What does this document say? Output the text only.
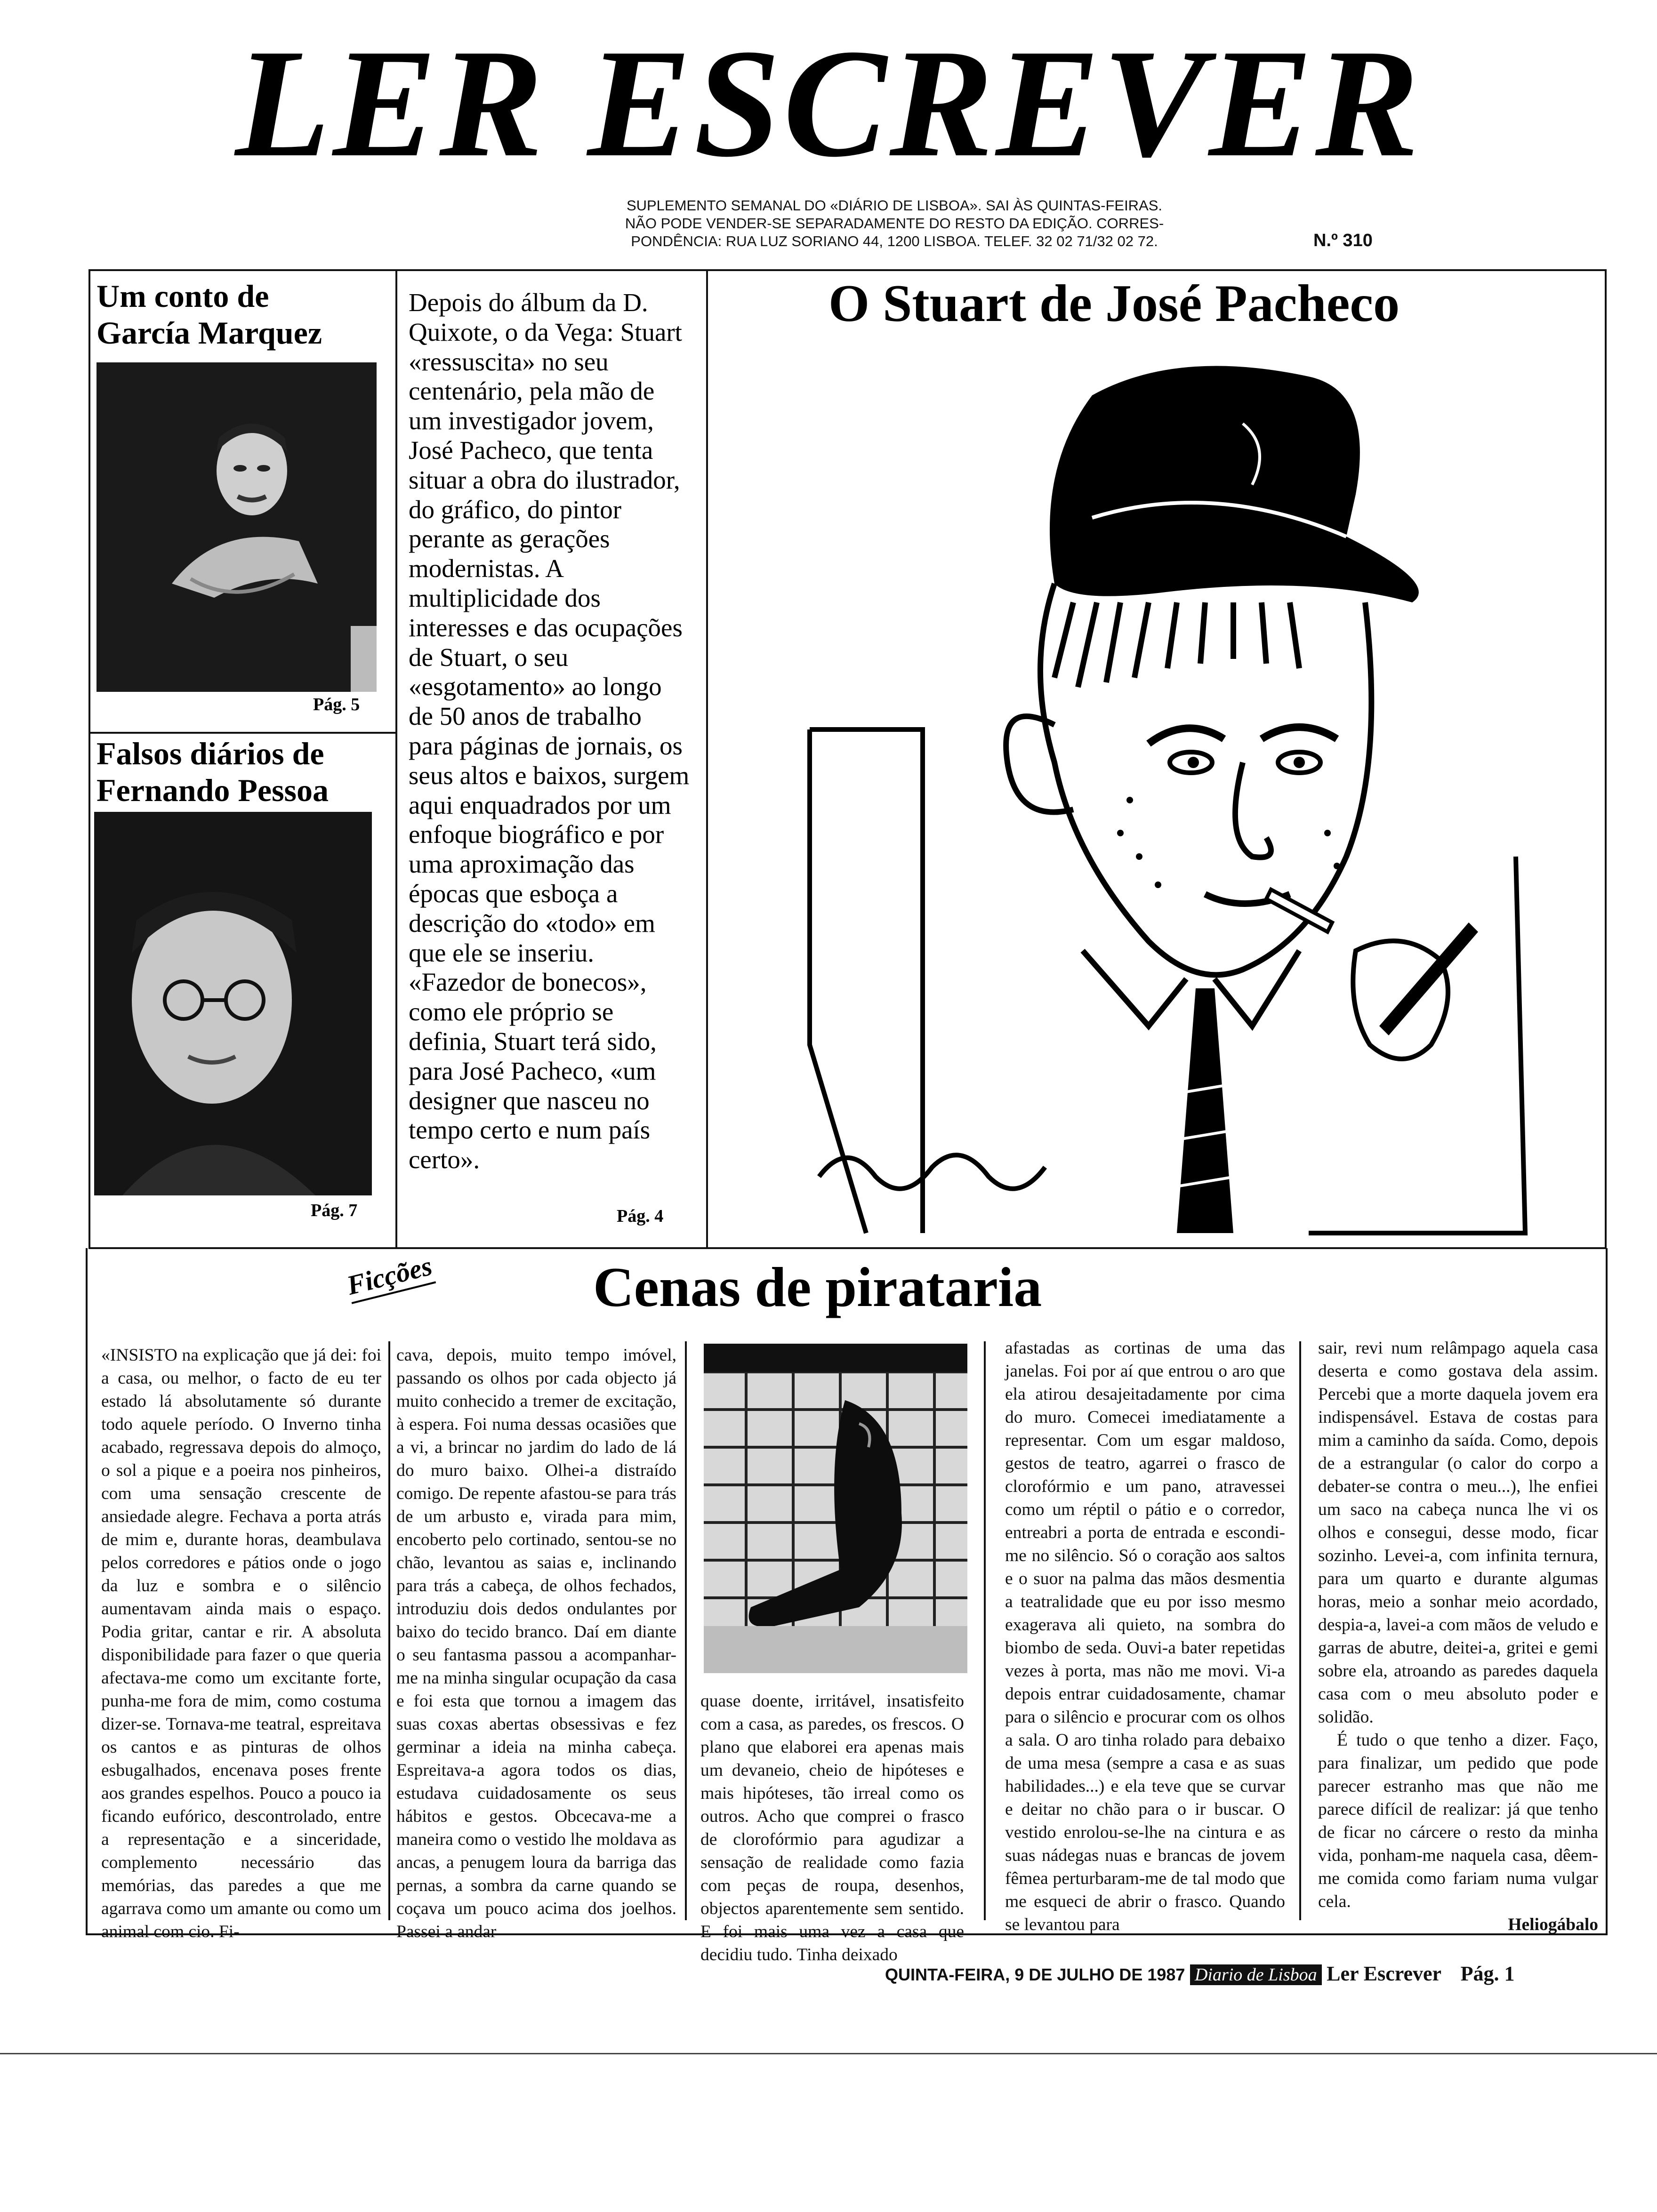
LER ESCREVER
SUPLEMENTO SEMANAL DO «DIÁRIO DE LISBOA». SAI ÀS QUINTAS-FEIRAS.
NÃO PODE VENDER-SE SEPARADAMENTE DO RESTO DA EDIÇÃO. CORRES-
PONDÊNCIA: RUA LUZ SORIANO 44, 1200 LISBOA. TELEF. 32 02 71/32 02 72.	N.º 310
Um conto de
García Marquez
Pág. 5
Falsos diários de
Fernando Pessoa
Pág. 7
Depois do álbum da D. Quixote, o da Vega: Stuart «ressuscita» no seu centenário, pela mão de um investigador jovem, José Pacheco, que tenta situar a obra do ilustrador, do gráfico, do pintor perante as gerações modernistas. A multiplicidade dos interesses e das ocupações de Stuart, o seu «esgotamento» ao longo de 50 anos de trabalho para páginas de jornais, os seus altos e baixos, surgem aqui enquadrados por um enfoque biográfico e por uma aproximação das épocas que esboça a descrição do «todo» em que ele se inseriu. «Fazedor de bonecos», como ele próprio se definia, Stuart terá sido, para José Pacheco, «um designer que nasceu no tempo certo e num país certo».
Pág. 4
O Stuart de José Pacheco
Ficções	Cenas de pirataria

«INSISTO na explicação que já dei: foi a casa, ou melhor, o facto de eu ter estado lá absolutamente só durante todo aquele período. O Inverno tinha acabado, regressava depois do almoço, o sol a pique e a poeira nos pinheiros, com uma sensação crescente de ansiedade alegre. Fechava a porta atrás de mim e, durante horas, deambulava pelos corredores e pátios onde o jogo da luz e sombra e o silêncio aumentavam ainda mais o espaço. Podia gritar, cantar e rir. A absoluta disponibilidade para fazer o que queria afectava-me como um excitante forte, punha-me fora de mim, como costuma dizer-se. Tornava-me teatral, espreitava os cantos e as pinturas de olhos esbugalhados, encenava poses frente aos grandes espelhos. Pouco a pouco ia ficando eufórico, descontrolado, entre a representação e a sinceridade, complemento necessário das memórias, das paredes a que me agarrava como um amante ou como um animal com cio. Fi-

cava, depois, muito tempo imóvel, passando os olhos por cada objecto já muito conhecido a tremer de excitação, à espera. Foi numa dessas ocasiões que a vi, a brincar no jardim do lado de lá do muro baixo. Olhei-a distraído comigo. De repente afastou-se para trás de um arbusto e, virada para mim, encoberto pelo cortinado, sentou-se no chão, levantou as saias e, inclinando para trás a cabeça, de olhos fechados, introduziu dois dedos ondulantes por baixo do tecido branco. Daí em diante o seu fantasma passou a acompanhar-me na minha singular ocupação da casa e foi esta que tornou a imagem das suas coxas abertas obsessivas e fez germinar a ideia na minha cabeça. Espreitava-a agora todos os dias, estudava cuidadosamente os seus hábitos e gestos. Obcecava-me a maneira como o vestido lhe moldava as ancas, a penugem loura da barriga das pernas, a sombra da carne quando se coçava um pouco acima dos joelhos. Passei a andar

quase doente, irritável, insatisfeito com a casa, as paredes, os frescos. O plano que elaborei era apenas mais um devaneio, cheio de hipóteses e mais hipóteses, tão irreal como os outros. Acho que comprei o frasco de clorofórmio para agudizar a sensação de realidade como fazia com peças de roupa, desenhos, objectos aparentemente sem sentido. E foi mais uma vez a casa que decidiu tudo. Tinha deixado

afastadas as cortinas de uma das janelas. Foi por aí que entrou o aro que ela atirou desajeitadamente por cima do muro. Comecei imediatamente a representar. Com um esgar maldoso, gestos de teatro, agarrei o frasco de clorofórmio e um pano, atravessei como um réptil o pátio e o corredor, entreabri a porta de entrada e escondi-me no silêncio. Só o coração aos saltos e o suor na palma das mãos desmentia a teatralidade que eu por isso mesmo exagerava ali quieto, na sombra do biombo de seda. Ouvi-a bater repetidas vezes à porta, mas não me movi. Vi-a depois entrar cuidadosamente, chamar para o silêncio e procurar com os olhos a sala. O aro tinha rolado para debaixo de uma mesa (sempre a casa e as suas habilidades...) e ela teve que se curvar e deitar no chão para o ir buscar. O vestido enrolou-se-lhe na cintura e as suas nádegas nuas e brancas de jovem fêmea perturbaram-me de tal modo que me esqueci de abrir o frasco. Quando se levantou para

sair, revi num relâmpago aquela casa deserta e como gostava dela assim. Percebi que a morte daquela jovem era indispensável. Estava de costas para mim a caminho da saída. Como, depois de a estrangular (o calor do corpo a debater-se contra o meu...), lhe enfiei um saco na cabeça nunca lhe vi os olhos e consegui, desse modo, ficar sozinho. Levei-a, com infinita ternura, para um quarto e durante algumas horas, meio a sonhar meio acordado, despia-a, lavei-a com mãos de veludo e garras de abutre, deitei-a, gritei e gemi sobre ela, atroando as paredes daquela casa com o meu absoluto poder e solidão.

É tudo o que tenho a dizer. Faço, para finalizar, um pedido que pode parecer estranho mas que não me parece difícil de realizar: já que tenho de ficar no cárcere o resto da minha vida, ponham-me naquela casa, dêem-me comida como fariam numa vulgar cela.

Heliogábalo

QUINTA-FEIRA, 9 DE JULHO DE 1987 Diario de Lisboa Ler Escrever Pág. 1
